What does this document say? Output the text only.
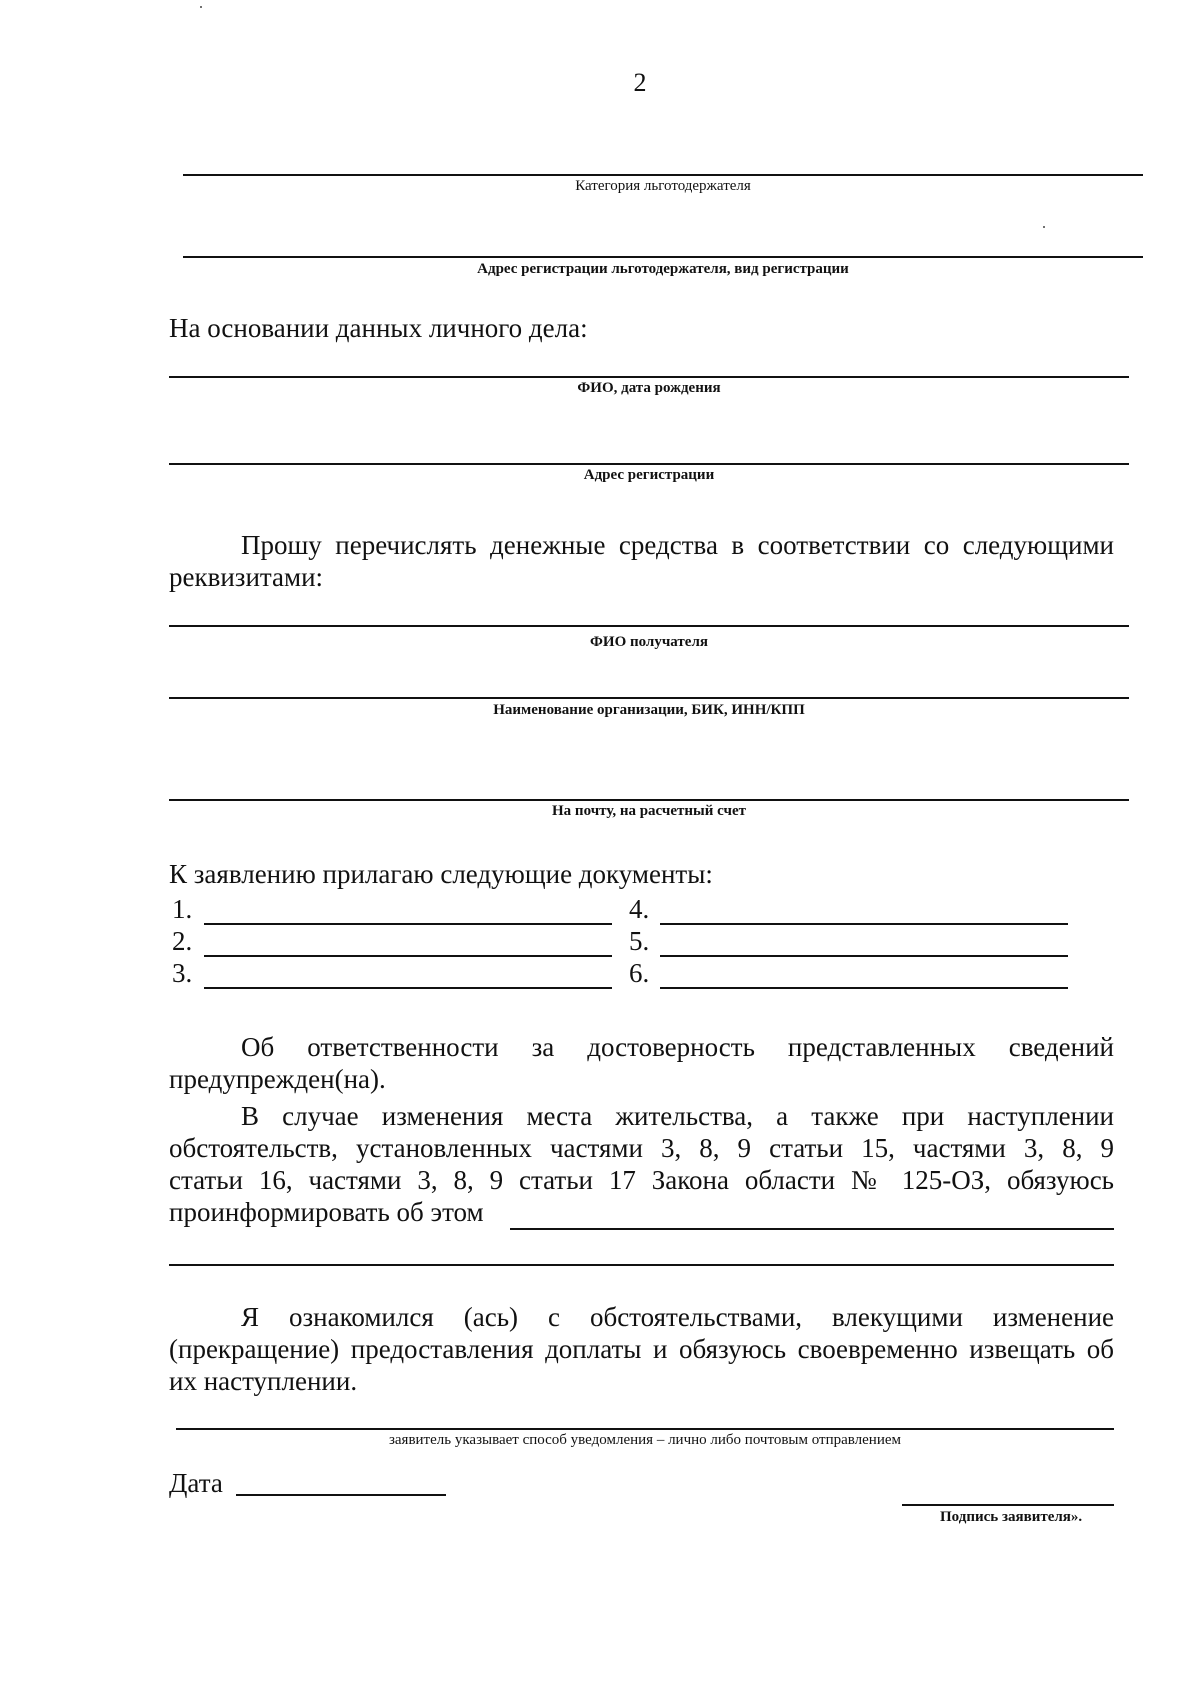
2
Категория льготодержателя
Адрес регистрации льготодержателя, вид регистрации
На основании данных личного дела:
ФИО, дата рождения
Адрес регистрации
Прошу перечислять денежные средства в соответствии со следующими
реквизитами:
ФИО получателя
Наименование организации, БИК, ИНН/КПП
На почту, на расчетный счет
К заявлению прилагаю следующие документы:
1.	4.
2.	5.
3.	6.
Об ответственности за достоверность представленных сведений
предупрежден(на).
В случае изменения места жительства, а также при наступлении
обстоятельств, установленных частями 3, 8, 9 статьи 15, частями 3, 8, 9
статьи 16, частями 3, 8, 9 статьи 17 Закона области № 125-ОЗ, обязуюсь
проинформировать об этом
Я ознакомился (ась) с обстоятельствами, влекущими изменение
(прекращение) предоставления доплаты и обязуюсь своевременно извещать об
их наступлении.
заявитель указывает способ уведомления – лично либо почтовым отправлением
Дата
Подпись заявителя».
